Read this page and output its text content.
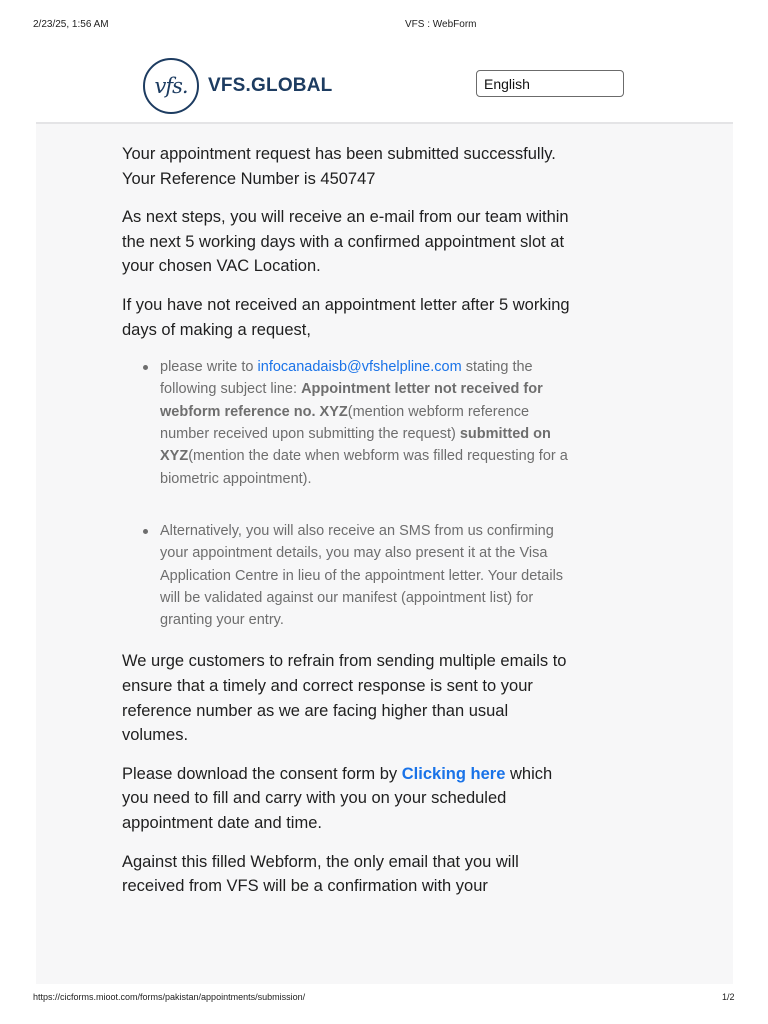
2/23/25, 1:56 AM	VFS : WebForm
vfs.	VFS.GLOBAL	English

Your appointment request has been submitted successfully. Your Reference Number is 450747

As next steps, you will receive an e-mail from our team within the next 5 working days with a confirmed appointment slot at your chosen VAC Location.

If you have not received an appointment letter after 5 working days of making a request,

please write to infocanadaisb@vfshelpline.com stating the following subject line: Appointment letter not received for webform reference no. XYZ(mention webform reference number received upon submitting the request) submitted on XYZ(mention the date when webform was filled requesting for a biometric appointment).
Alternatively, you will also receive an SMS from us confirming your appointment details, you may also present it at the Visa Application Centre in lieu of the appointment letter. Your details will be validated against our manifest (appointment list) for granting your entry.

We urge customers to refrain from sending multiple emails to ensure that a timely and correct response is sent to your reference number as we are facing higher than usual volumes.

Please download the consent form by Clicking here which you need to fill and carry with you on your scheduled appointment date and time.

Against this filled Webform, the only email that you will received from VFS will be a confirmation with your

https://cicforms.mioot.com/forms/pakistan/appointments/submission/	1/2
